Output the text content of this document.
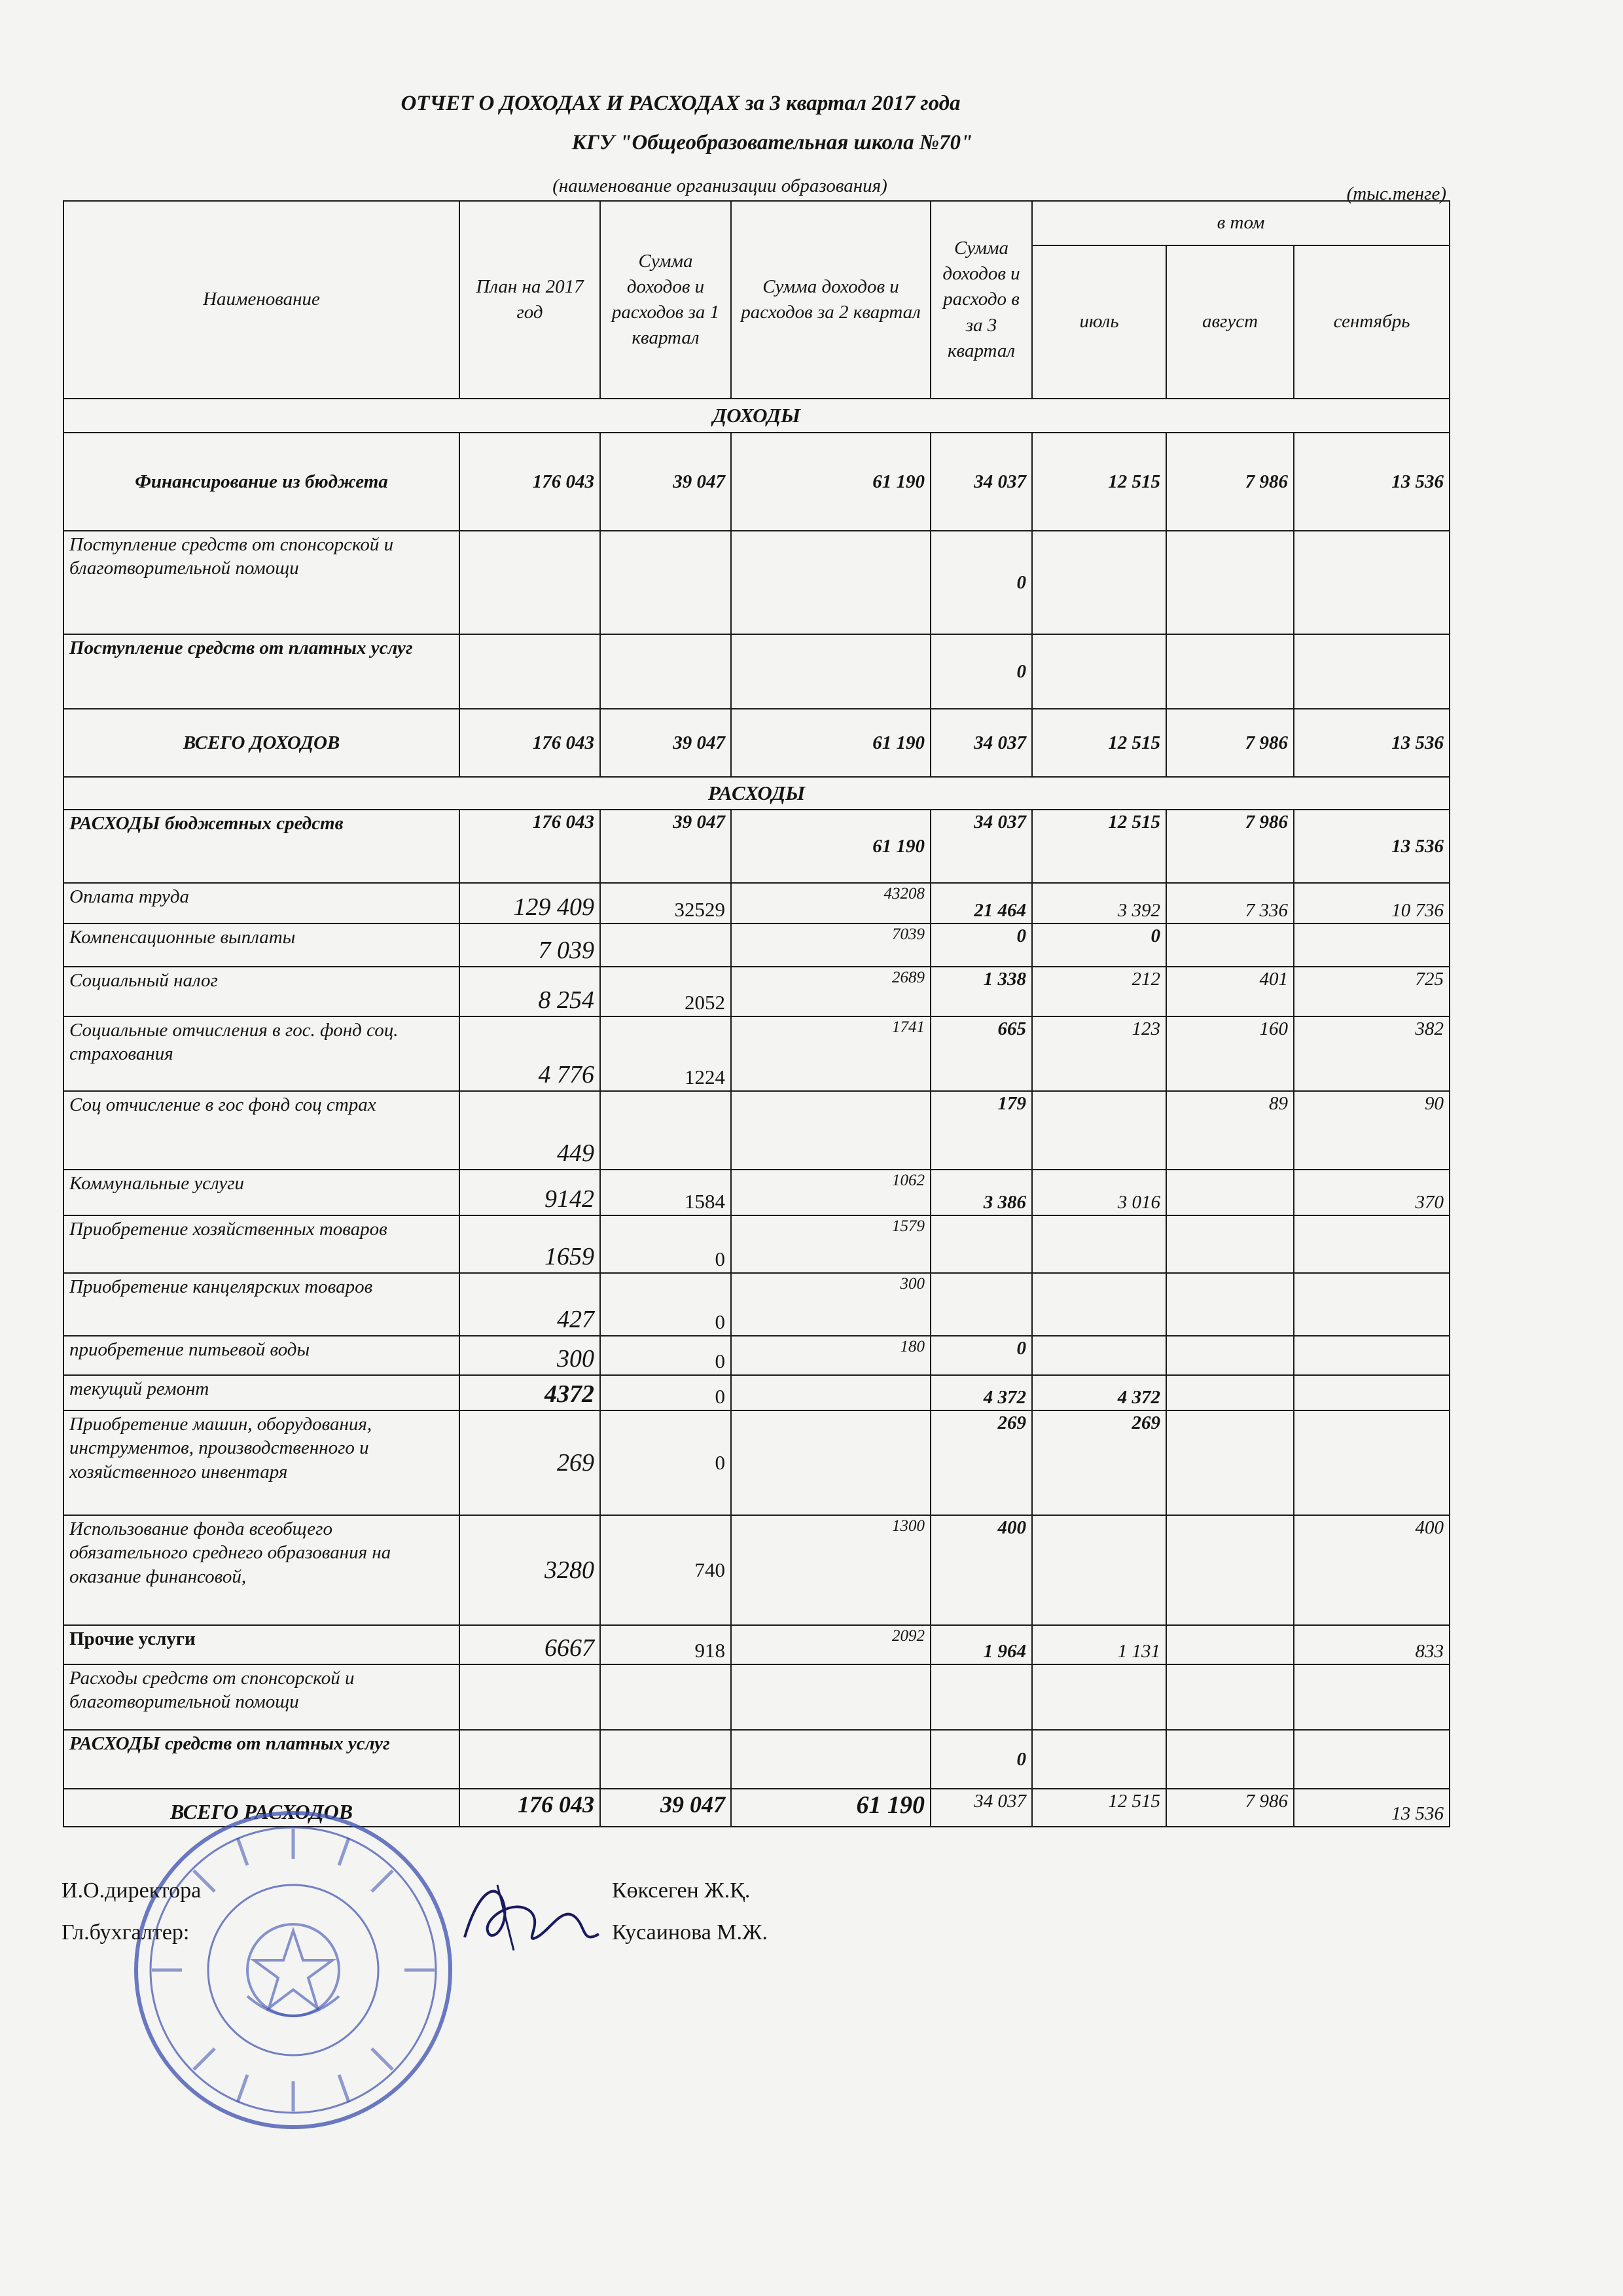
ОТЧЕТ О ДОХОДАХ И РАСХОДАХ за 3 квартал 2017 года
КГУ "Общеобразовательная школа №70"
(наименование организации образования)	(тыс.тенге)
Наименование	План на 2017 год	Сумма доходов и расходов за 1 квартал	Сумма доходов и расходов за 2 квартал	Сумма доходов и расходо в за 3 квартал	в том		
					июль	август	сентябрь
ДОХОДЫ							
Финансирование из бюджета	176 043	39 047	61 190	34 037	12 515	7 986	13 536
Поступление средств от спонсорской и благотворительной помощи				0			
Поступление средств от платных услуг				0			
ВСЕГО ДОХОДОВ	176 043	39 047	61 190	34 037	12 515	7 986	13 536
РАСХОДЫ							
РАСХОДЫ бюджетных средств	176 043	39 047	61 190	34 037	12 515	7 986	13 536
Оплата труда	129 409	32529	43208	21 464	3 392	7 336	10 736
Компенсационные выплаты	7 039		7039	0	0		
Социальный налог	8 254	2052	2689	1 338	212	401	725
Социальные отчисления в гос. фонд соц. страхования	4 776	1224	1741	665	123	160	382
Соц отчисление в гос фонд соц страх	449			179		89	90
Коммунальные услуги	9142	1584	1062	3 386	3 016		370
Приобретение хозяйственных товаров	1659	0	1579				
Приобретение канцелярских товаров	427	0	300				
приобретение питьевой воды	300	0	180	0			
текущий ремонт	4372	0		4 372	4 372		
Приобретение машин, оборудования, инструментов, производственного и хозяйственного инвентаря	269	0		269	269		
Использование фонда всеобщего обязательного среднего образования на оказание финансовой,	3280	740	1300	400			400
Прочие услуги	6667	918	2092	1 964	1 131		833
Расходы средств от спонсорской и благотворительной помощи							
РАСХОДЫ средств от платных услуг				0			
ВСЕГО РАСХОДОВ	176 043	39 047	61 190	34 037	12 515	7 986	13 536
И.О.директора
Гл.бухгалтер:
Көксеген Ж.Қ.
Кусаинова М.Ж.
